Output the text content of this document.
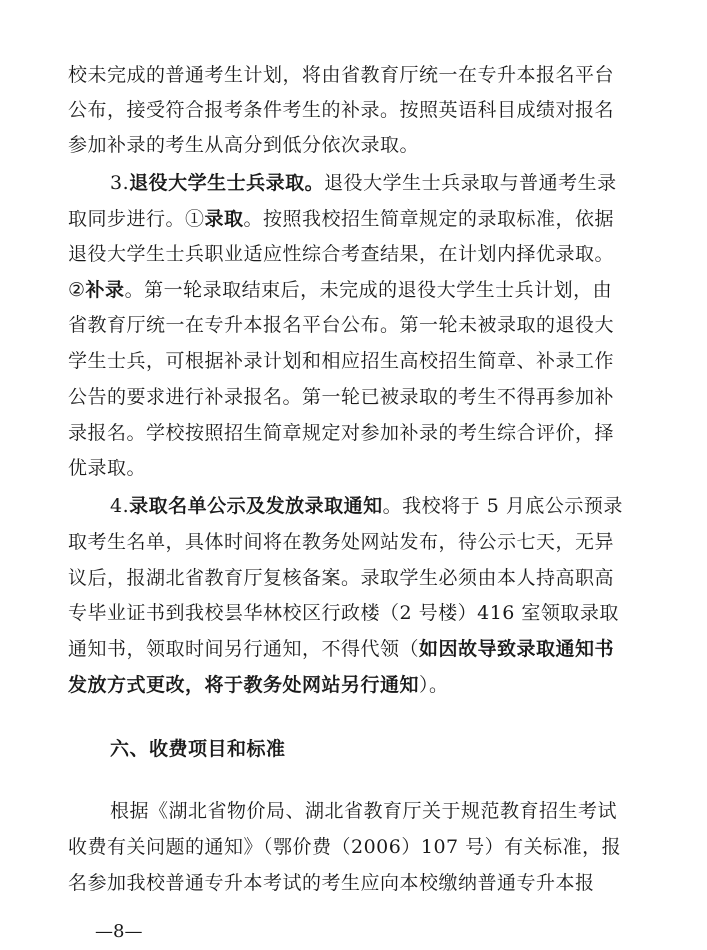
校未完成的普通考生计划，将由省教育厅统一在专升本报名平台
公布，接受符合报考条件考生的补录。按照英语科目成绩对报名
参加补录的考生从高分到低分依次录取。
3.退役大学生士兵录取。退役大学生士兵录取与普通考生录
取同步进行。①录取。按照我校招生简章规定的录取标准，依据
退役大学生士兵职业适应性综合考查结果，在计划内择优录取。
②补录。第一轮录取结束后，未完成的退役大学生士兵计划，由
省教育厅统一在专升本报名平台公布。第一轮未被录取的退役大
学生士兵，可根据补录计划和相应招生高校招生简章、补录工作
公告的要求进行补录报名。第一轮已被录取的考生不得再参加补
录报名。学校按照招生简章规定对参加补录的考生综合评价，择
优录取。
4.录取名单公示及发放录取通知。我校将于 5 月底公示预录
取考生名单，具体时间将在教务处网站发布，待公示七天，无异
议后，报湖北省教育厅复核备案。录取学生必须由本人持高职高
专毕业证书到我校昙华林校区行政楼（2 号楼）416 室领取录取
通知书，领取时间另行通知，不得代领（如因故导致录取通知书
发放方式更改，将于教务处网站另行通知）。
六、收费项目和标准
根据《湖北省物价局、湖北省教育厅关于规范教育招生考试
收费有关问题的通知》（鄂价费（2006）107 号）有关标准，报
名参加我校普通专升本考试的考生应向本校缴纳普通专升本报
—8—
